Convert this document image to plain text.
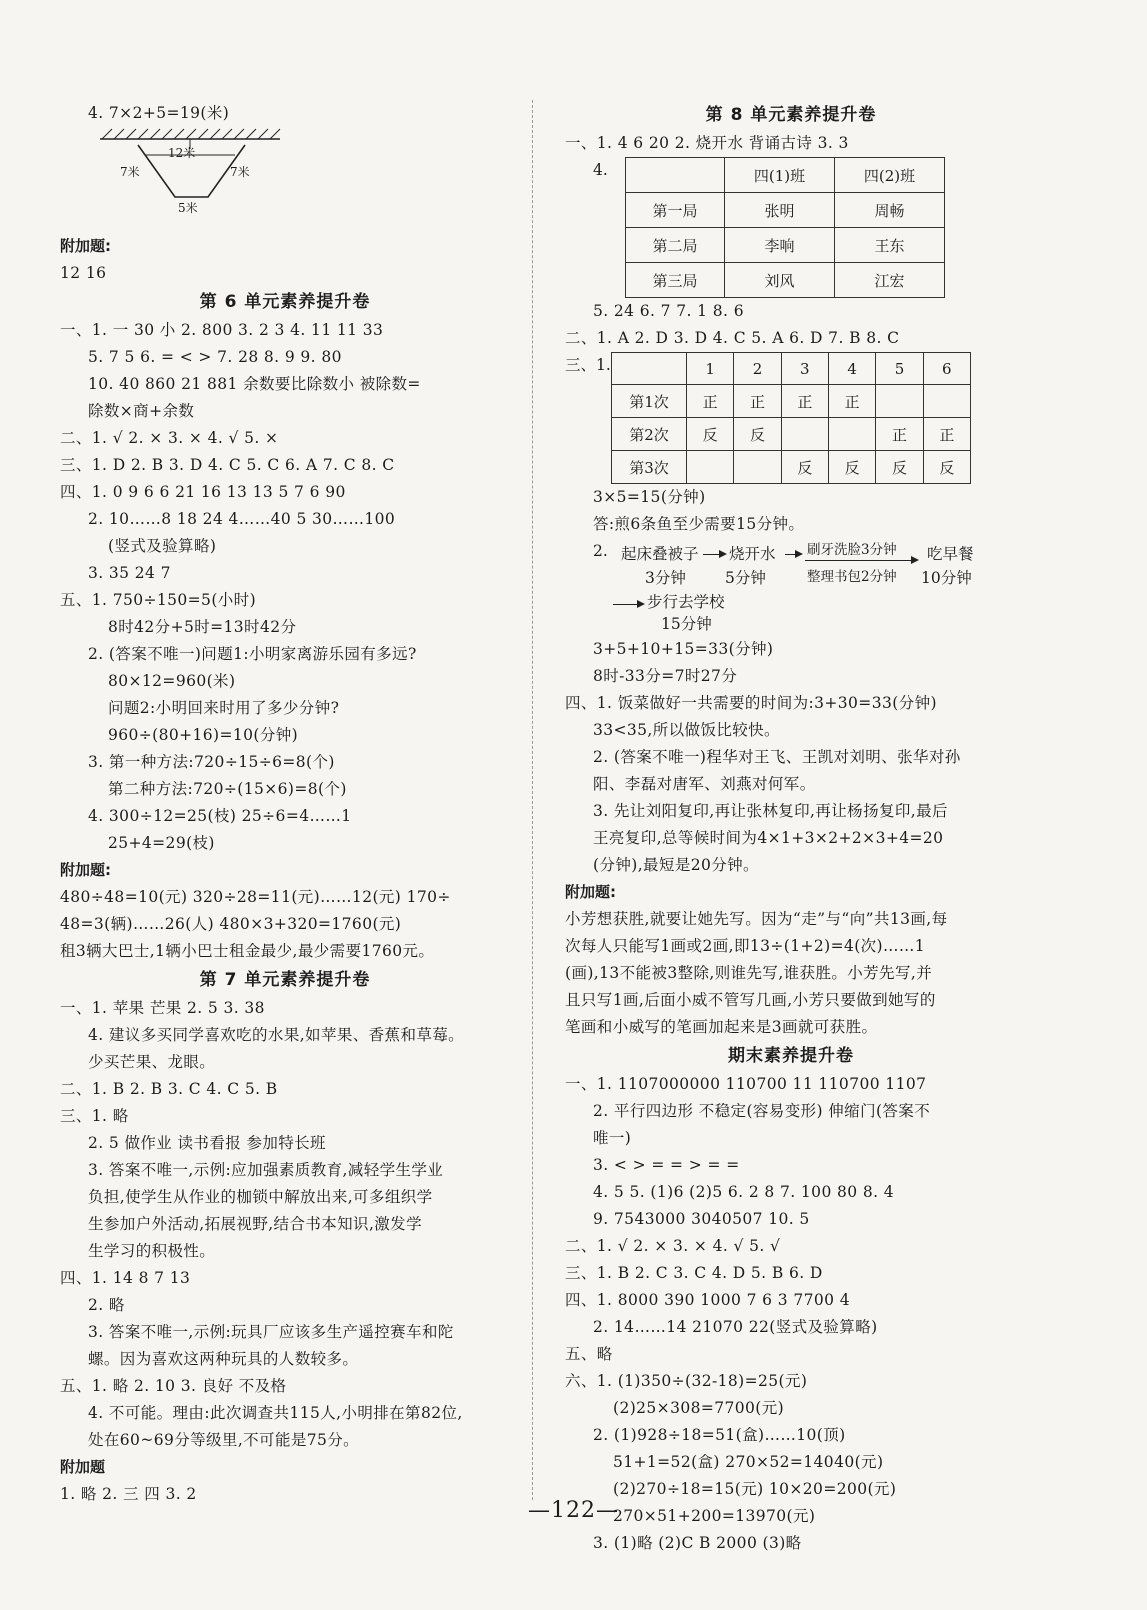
4. 7×2+5=19(米)
12米
7米	7米
5米
附加题:
12 16
第 6 单元素养提升卷
一、1. 一 30 小 2. 800 3. 2 3 4. 11 11 33
5. 7 5 6. = < > 7. 28 8. 9 9. 80
10. 40 860 21 881 余数要比除数小 被除数=
除数×商+余数
二、1. √ 2. × 3. × 4. √ 5. ×
三、1. D 2. B 3. D 4. C 5. C 6. A 7. C 8. C
四、1. 0 9 6 6 21 16 13 13 5 7 6 90
2. 10……8 18 24 4……40 5 30……100
(竖式及验算略)
3. 35 24 7
五、1. 750÷150=5(小时)
8时42分+5时=13时42分
2. (答案不唯一)问题1:小明家离游乐园有多远?
80×12=960(米)
问题2:小明回来时用了多少分钟?
960÷(80+16)=10(分钟)
3. 第一种方法:720÷15÷6=8(个)
第二种方法:720÷(15×6)=8(个)
4. 300÷12=25(枝) 25÷6=4……1
25+4=29(枝)
附加题:
480÷48=10(元) 320÷28=11(元)……12(元) 170÷
48=3(辆)……26(人) 480×3+320=1760(元)
租3辆大巴士,1辆小巴士租金最少,最少需要1760元。
第 7 单元素养提升卷
一、1. 苹果 芒果 2. 5 3. 38
4. 建议多买同学喜欢吃的水果,如苹果、香蕉和草莓。
少买芒果、龙眼。
二、1. B 2. B 3. C 4. C 5. B
三、1. 略
2. 5 做作业 读书看报 参加特长班
3. 答案不唯一,示例:应加强素质教育,减轻学生学业
负担,使学生从作业的枷锁中解放出来,可多组织学
生参加户外活动,拓展视野,结合书本知识,激发学
生学习的积极性。
四、1. 14 8 7 13
2. 略
3. 答案不唯一,示例:玩具厂应该多生产遥控赛车和陀
螺。因为喜欢这两种玩具的人数较多。
五、1. 略 2. 10 3. 良好 不及格
4. 不可能。理由:此次调查共115人,小明排在第82位,
处在60~69分等级里,不可能是75分。
附加题
1. 略 2. 三 四 3. 2
第 8 单元素养提升卷
一、1. 4 6 20 2. 烧开水 背诵古诗 3. 3
4.
		四(1)班	四(2)班
第一局	张明	周畅
第二局	李响	王东
第三局	刘风	江宏
5. 24 6. 7 7. 1 8. 6
二、1. A 2. D 3. D 4. C 5. A 6. D 7. B 8. C
三、1.
		1	2	3	4	5	6
第1次	正	正	正	正		
第2次	反	反			正	正
第3次			反	反	反	反
3×5=15(分钟)
答:煎6条鱼至少需要15分钟。
2. 起床叠被子
3分钟
烧开水
5分钟
刷牙洗脸3分钟
整理书包2分钟
吃早餐
10分钟
步行去学校
15分钟
3+5+10+15=33(分钟)
8时-33分=7时27分
四、1. 饭菜做好一共需要的时间为:3+30=33(分钟)
33<35,所以做饭比较快。
2. (答案不唯一)程华对王飞、王凯对刘明、张华对孙
阳、李磊对唐军、刘燕对何军。
3. 先让刘阳复印,再让张林复印,再让杨扬复印,最后
王亮复印,总等候时间为4×1+3×2+2×3+4=20
(分钟),最短是20分钟。
附加题:
小芳想获胜,就要让她先写。因为“走”与“向”共13画,每
次每人只能写1画或2画,即13÷(1+2)=4(次)……1
(画),13不能被3整除,则谁先写,谁获胜。小芳先写,并
且只写1画,后面小威不管写几画,小芳只要做到她写的
笔画和小威写的笔画加起来是3画就可获胜。
期末素养提升卷
一、1. 1107000000 110700 11 110700 1107
2. 平行四边形 不稳定(容易变形) 伸缩门(答案不
唯一)
3. < > = = > = =
4. 5 5. (1)6 (2)5 6. 2 8 7. 100 80 8. 4
9. 7543000 3040507 10. 5
二、1. √ 2. × 3. × 4. √ 5. √
三、1. B 2. C 3. C 4. D 5. B 6. D
四、1. 8000 390 1000 7 6 3 7700 4
2. 14……14 21070 22(竖式及验算略)
五、略
六、1. (1)350÷(32-18)=25(元)
(2)25×308=7700(元)
2. (1)928÷18=51(盒)……10(顶)
51+1=52(盒) 270×52=14040(元)
(2)270÷18=15(元) 10×20=200(元)
270×51+200=13970(元)
3. (1)略 (2)C B 2000 (3)略
—122—
